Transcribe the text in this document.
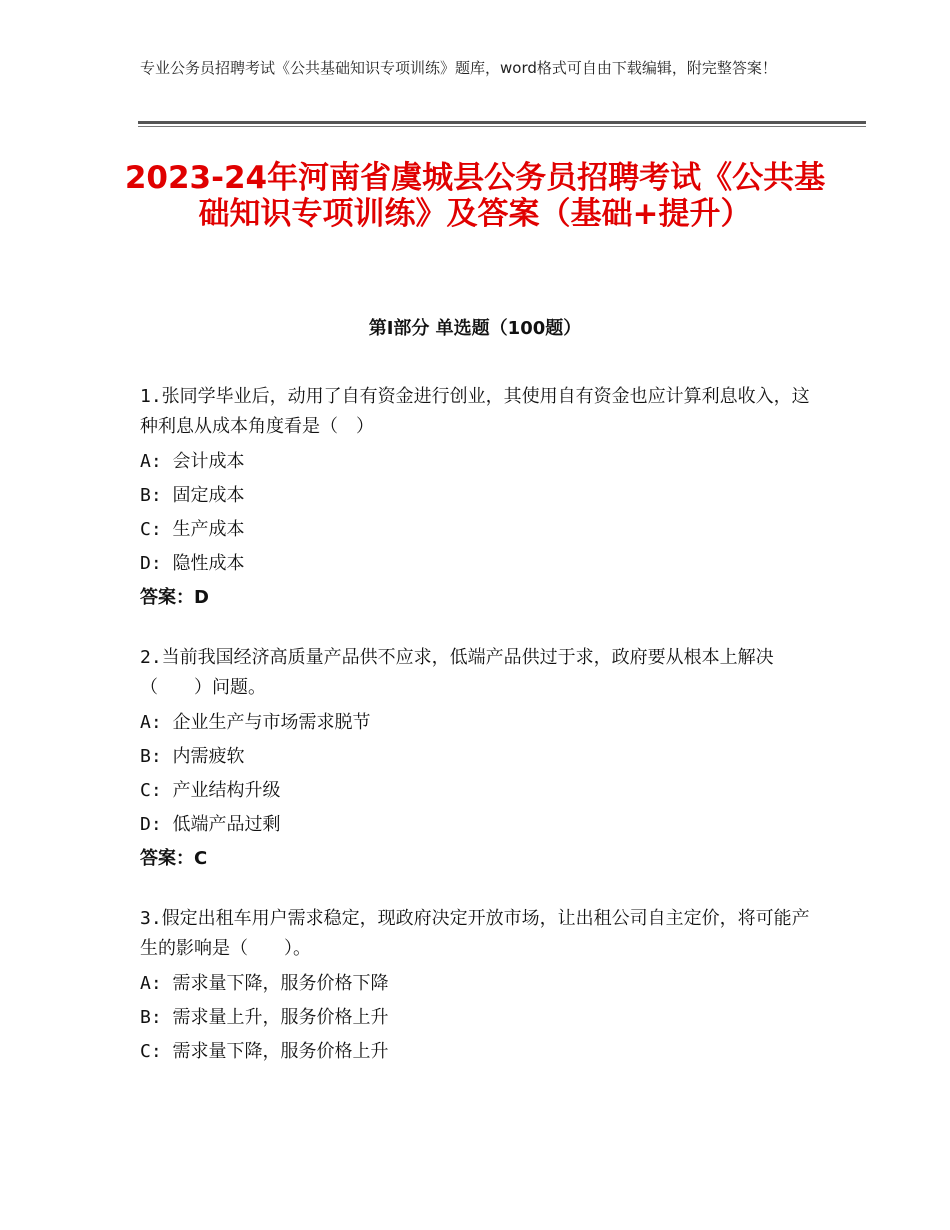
专业公务员招聘考试《公共基础知识专项训练》题库，word格式可自由下载编辑，附完整答案！
2023-24年河南省虞城县公务员招聘考试《公共基础知识专项训练》及答案（基础+提升）
第Ⅰ部分 单选题（100题）
1.张同学毕业后，动用了自有资金进行创业，其使用自有资金也应计算利息收入，这种利息从成本角度看是（　）
A: 会计成本
B: 固定成本
C: 生产成本
D: 隐性成本
答案：D
2.当前我国经济高质量产品供不应求，低端产品供过于求，政府要从根本上解决（　　）问题。
A: 企业生产与市场需求脱节
B: 内需疲软
C: 产业结构升级
D: 低端产品过剩
答案：C
3.假定出租车用户需求稳定，现政府决定开放市场，让出租公司自主定价，将可能产生的影响是（　　）。
A: 需求量下降，服务价格下降
B: 需求量上升，服务价格上升
C: 需求量下降，服务价格上升
